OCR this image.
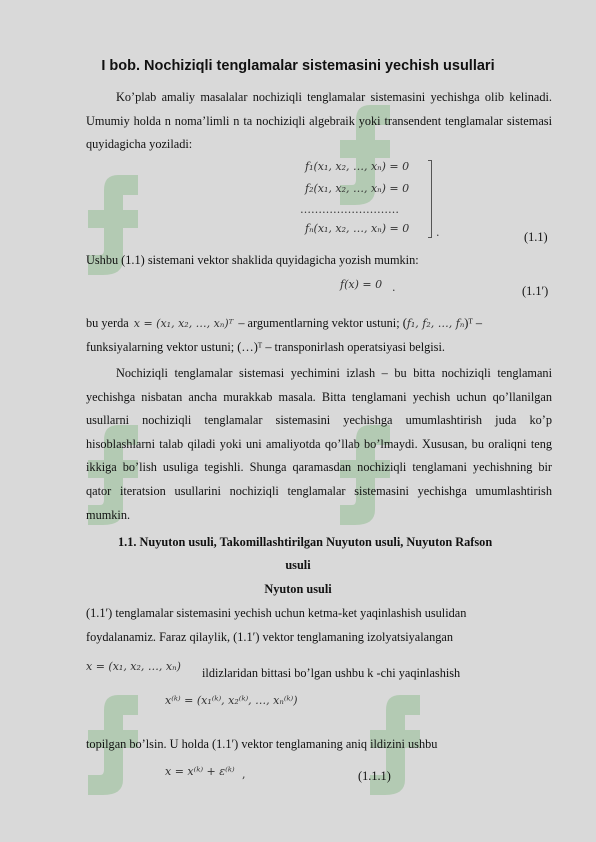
I bob. Nochiziqli tenglamalar sistemasini yechish usullari
Ko’plab amaliy masalalar nochiziqli tenglamalar sistemasini yechishga olib kelinadi. Umumiy holda n noma’limli n ta nochiziqli algebraik yoki transendent tenglamalar sistemasi quyidagicha yoziladi:
f₁(x₁, x₂, …, xₙ) = 0
f₂(x₁, x₂, …, xₙ) = 0
………………………
fₙ(x₁, x₂, …, xₙ) = 0 .	(1.1)
Ushbu (1.1) sistemani vektor shaklida quyidagicha yozish mumkin:
f(x) = 0 .	(1.1′)
bu yerda x = (x₁, x₂, …, xₙ)ᵀ – argumentlarning vektor ustuni; (f₁, f₂, …, fₙ)ᵀ –
funksiyalarning vektor ustuni; (…)ᵀ – transponirlash operatsiyasi belgisi.
Nochiziqli tenglamalar sistemasi yechimini izlash – bu bitta nochiziqli tenglamani yechishga nisbatan ancha murakkab masala. Bitta tenglamani yechish uchun qo’llanilgan usullarni nochiziqli tenglamalar sistemasini yechishga umumlashtirish juda ko’p hisoblashlarni talab qiladi yoki uni amaliyotda qo’llab bo’lmaydi. Xususan, bu oraliqni teng ikkiga bo’lish usuliga tegishli. Shunga qaramasdan nochiziqli tenglamani yechishning bir qator iteratsion usullarini nochiziqli tenglamalar sistemasini yechishga umumlashtirish mumkin.
1.1. Nuyuton usuli, Takomillashtirilgan Nuyuton usuli, Nuyuton Rafson
usuli
Nyuton usuli
(1.1′) tenglamalar sistemasini yechish uchun ketma-ket yaqinlashish usulidan
foydalanamiz. Faraz qilaylik, (1.1′) vektor tenglamaning izolyatsiyalangan
x = (x₁, x₂, …, xₙ) ildizlaridan bittasi bo’lgan ushbu k -chi yaqinlashish
x⁽ᵏ⁾ = (x₁⁽ᵏ⁾, x₂⁽ᵏ⁾, …, xₙ⁽ᵏ⁾)
topilgan bo’lsin. U holda (1.1′) vektor tenglamaning aniq ildizini ushbu
x = x⁽ᵏ⁾ + ε⁽ᵏ⁾ ,	(1.1.1)
